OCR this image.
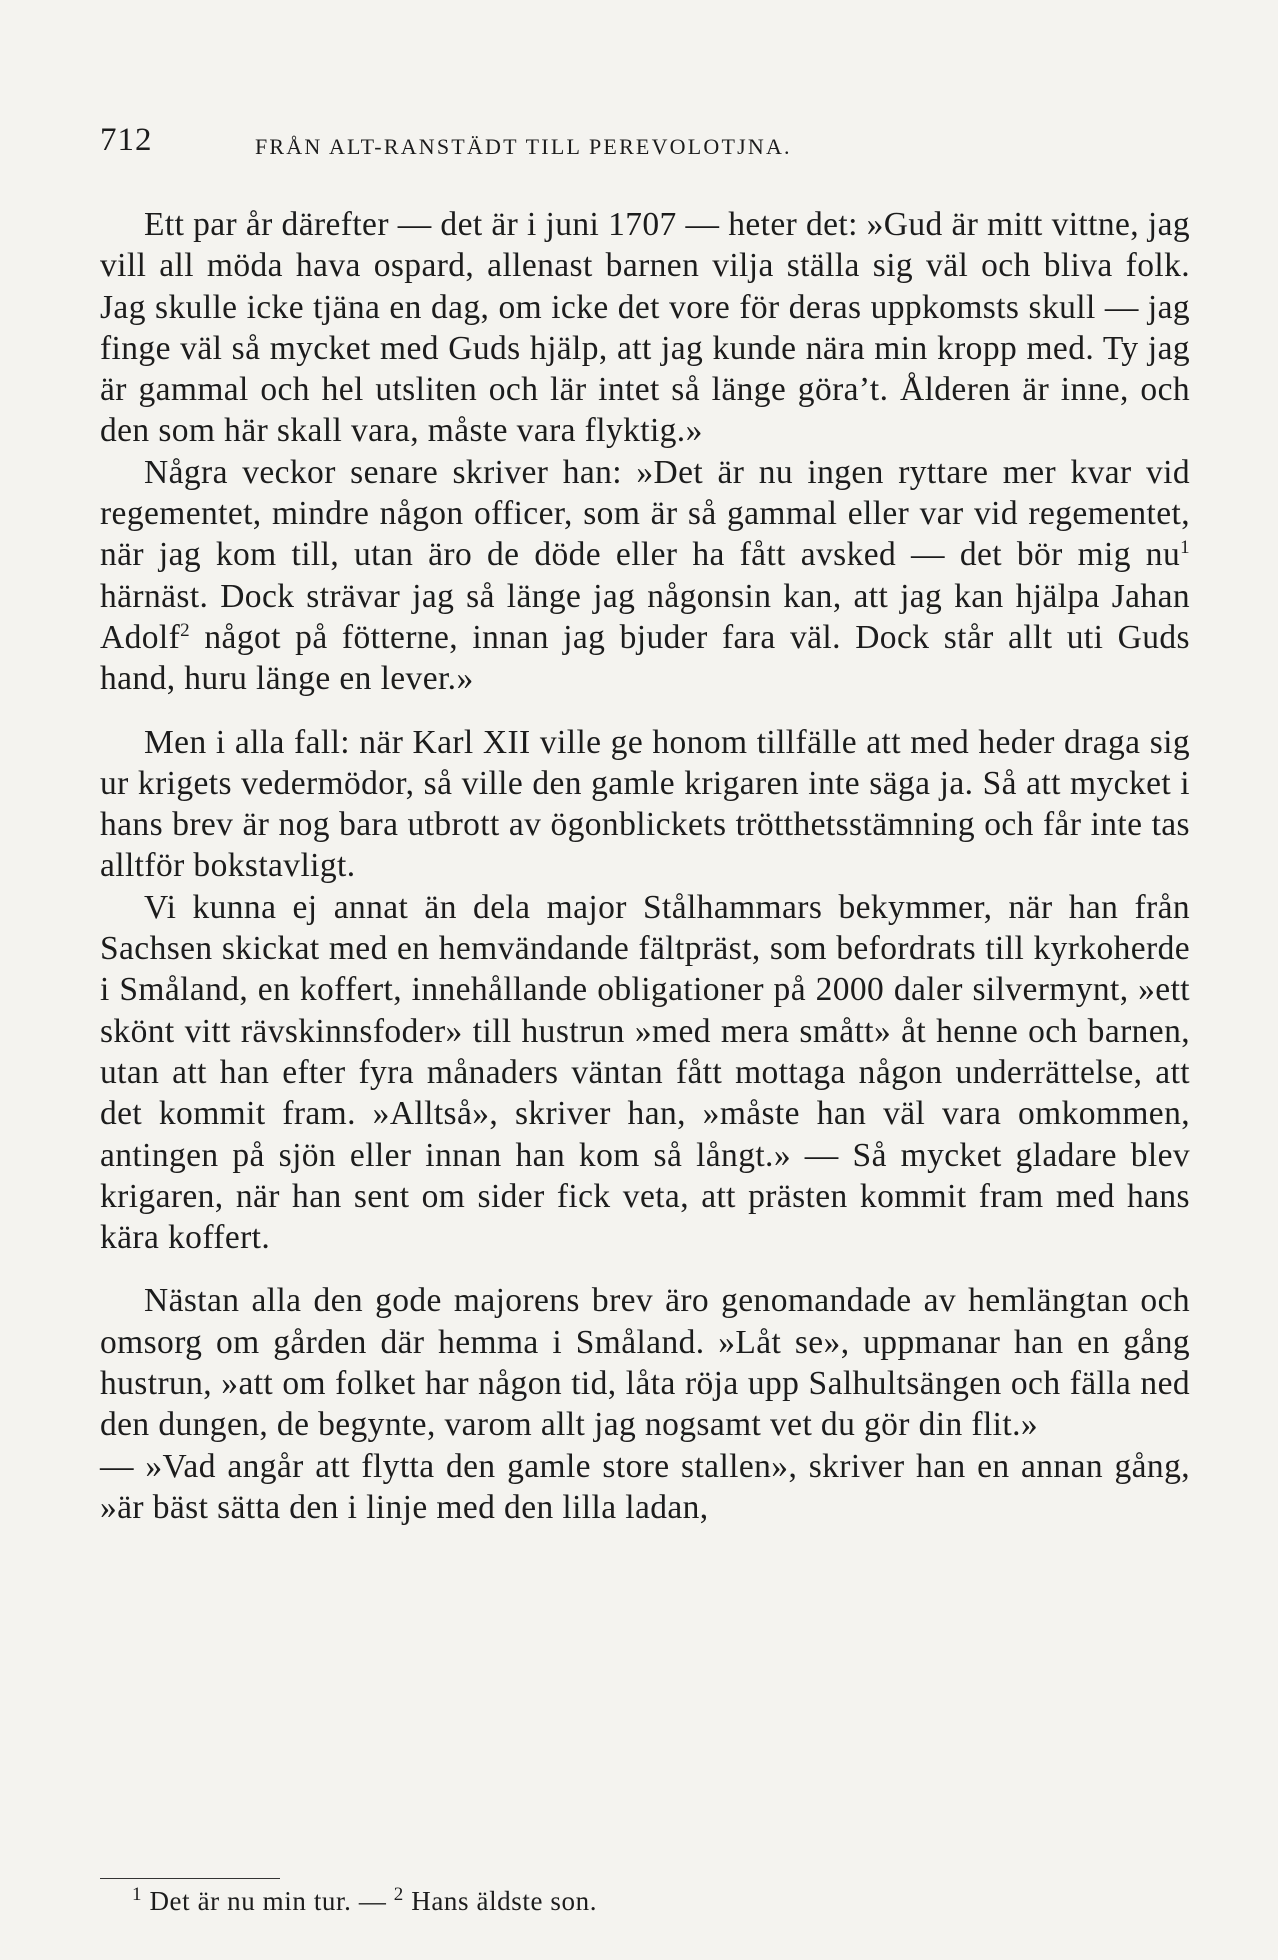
712	FRÅN ALT-RANSTÄDT TILL PEREVOLOTJNA.

Ett par år därefter — det är i juni 1707 — heter det: »Gud är mitt vittne, jag vill all möda hava ospard, allenast barnen vilja ställa sig väl och bliva folk. Jag skulle icke tjäna en dag, om icke det vore för deras uppkomsts skull — jag finge väl så mycket med Guds hjälp, att jag kunde nära min kropp med. Ty jag är gammal och hel utsliten och lär intet så länge göra’t. Ålderen är inne, och den som här skall vara, måste vara flyktig.»

Några veckor senare skriver han: »Det är nu ingen ryttare mer kvar vid regementet, mindre någon officer, som är så gammal eller var vid regementet, när jag kom till, utan äro de döde eller ha fått avsked — det bör mig $nu^1$ härnäst. Dock strävar jag så länge jag någonsin kan, att jag kan hjälpa Jahan Adolf$^2$ något på fötterne, innan jag bjuder fara väl. Dock står allt uti Guds hand, huru länge en lever.»

Men i alla fall: när Karl XII ville ge honom tillfälle att med heder draga sig ur krigets vedermödor, så ville den gamle krigaren inte säga ja. Så att mycket i hans brev är nog bara utbrott av ögonblickets trötthetsstämning och får inte tas alltför bokstavligt.

Vi kunna ej annat än dela major Stålhammars bekymmer, när han från Sachsen skickat med en hemvändande fältpräst, som befordrats till kyrkoherde i Småland, en koffert, innehållande obligationer på 2000 daler silvermynt, »ett skönt vitt rävskinnsfoder» till hustrun »med mera smått» åt henne och barnen, utan att han efter fyra månaders väntan fått mottaga någon underrättelse, att det kommit fram. »Alltså», skriver han, »måste han väl vara omkommen, antingen på sjön eller innan han kom så långt.» — Så mycket gladare blev krigaren, när han sent om sider fick veta, att prästen kommit fram med hans kära koffert.

Nästan alla den gode majorens brev äro genomandade av hemlängtan och omsorg om gården där hemma i Småland. »Låt se», uppmanar han en gång hustrun, »att om folket har någon tid, låta röja upp Salhultsängen och fälla ned den dungen, de begynte, varom allt jag nogsamt vet du gör din flit.»

— »Vad angår att flytta den gamle store stallen», skriver han en annan gång, »är bäst sätta den i linje med den lilla ladan,

$^1$ Det är nu min tur. — $^2$ Hans äldste son.
